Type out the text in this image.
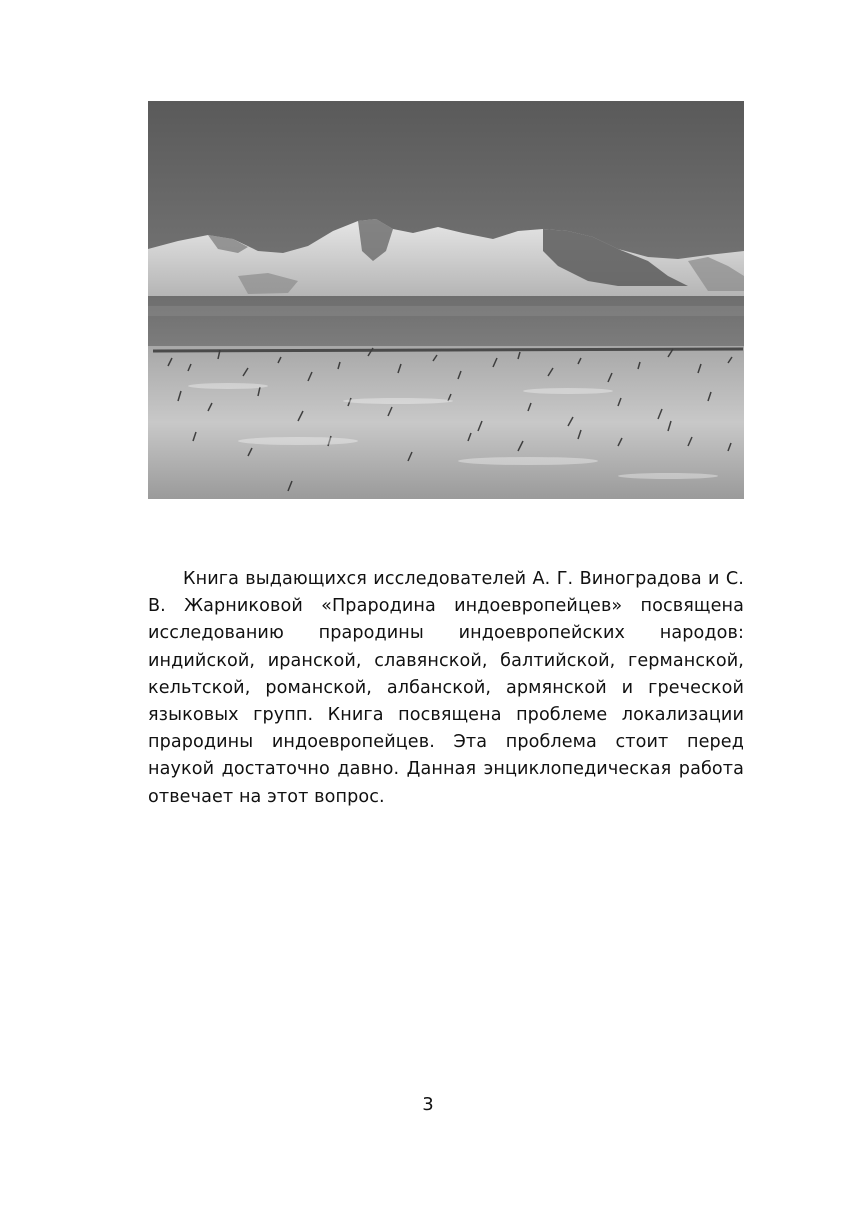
Книга выдающихся исследователей А. Г. Виноградова и С. В. Жарниковой «Прародина индоевропейцев» посвящена исследованию прародины индоевропейских народов: индийской, иранской, славянской, балтийской, германской, кельтской, романской, албанской, армянской и греческой языковых групп. Книга посвящена проблеме локализации прародины индоевропейцев. Эта проблема стоит перед наукой достаточно давно. Данная энциклопедическая работа отвечает на этот вопрос.

3
